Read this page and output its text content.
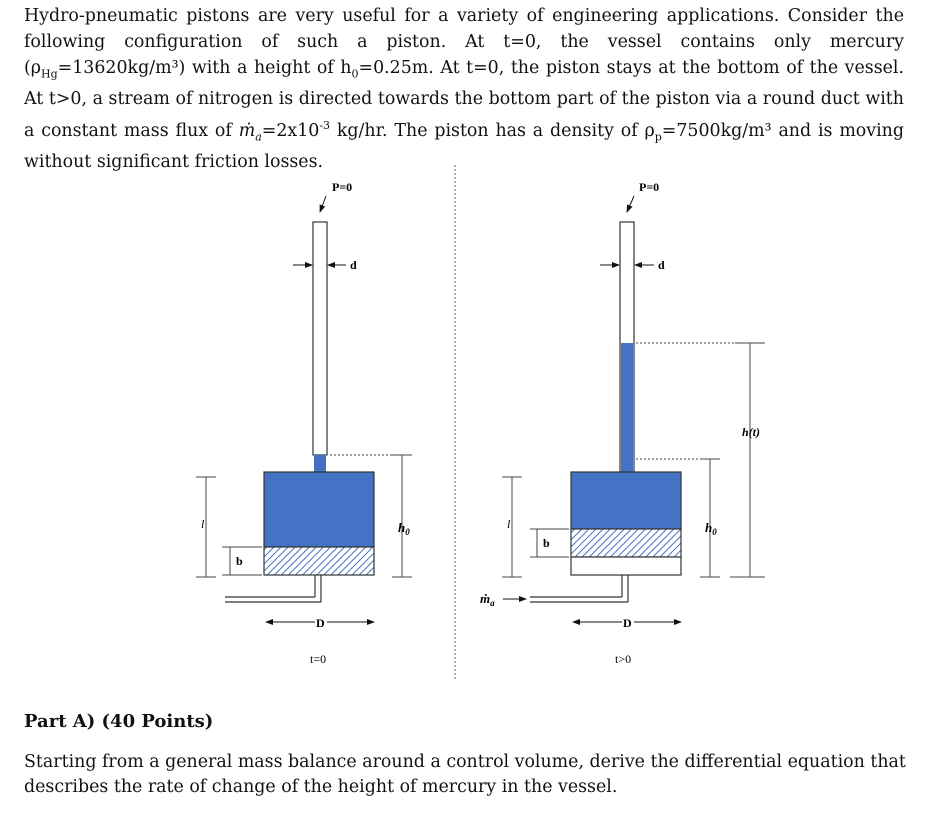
Hydro-pneumatic pistons are very useful for a variety of engineering applications. Consider the following configuration of such a piston. At t=0, the vessel contains only mercury $(\rho_{Hg}=13620kg/m^3)$ with a height of $h_0=0.25m$. At t=0, the piston stays at the bottom of the vessel. At t>0, a stream of nitrogen is directed towards the bottom part of the piston via a round duct with a constant mass flux of $ṁ_a=2x10^{-3}$ kg/hr. The piston has a density of $\rho_p=7500kg/m^3$ and is moving without significant friction losses.

P=0
d
$h_0$
l
b
D
t=0
P=0
d
ṁ$_a$
$h_0$
h(t)
l
b
D
t>0

Part A) (40 Points)

Starting from a general mass balance around a control volume, derive the differential equation that describes the rate of change of the height of mercury in the vessel.
